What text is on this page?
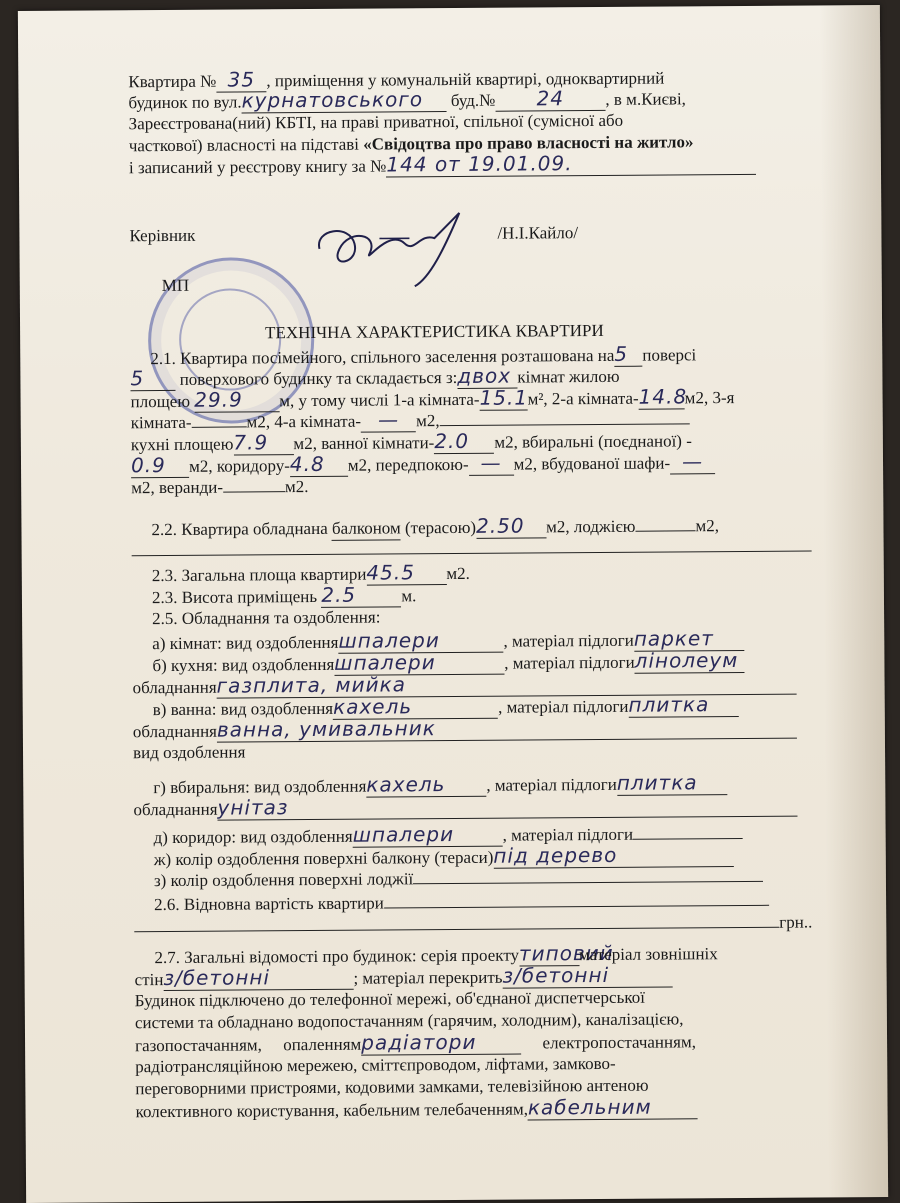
Квартира № 35 , приміщення у комунальній квартирі, одноквартирний
будинок по вул.курнатовського буд.№ 24 , в м.Києві,
Зареєстрована(ний) КБТІ, на праві приватної, спільної (сумісної або
часткової) власності на підставі «Свідоцтва про право власності на житло»
і записаний у реєстрову книгу за №144 от 19.01.09.
Керівник	/Н.І.Кайло/
МП
ТЕХНІЧНА ХАРАКТЕРИСТИКА КВАРТИРИ
2.1. Квартира посімейного, спільного заселення розташована на5 поверсі
5 поверхового будинку та складається з:двох кімнат жилою
площею 29.9 м, у тому числі 1-а кімната-15.1м², 2-а кімната-14.8м2, 3-я
кімната-	м2, 4-а кімната- — м2,
кухні площею7.9 м2, ванної кімнати-2.0 м2, вбиральні (поєднаної) -
0.9 м2, коридору-4.8 м2, передпокою- — м2, вбудованої шафи- —
м2, веранди-	м2.
2.2. Квартира обладнана балконом (терасою)2.50 м2, лоджією	м2,
2.3. Загальна площа квартири45.5 м2.
2.3. Висота приміщень 2.5	м.
2.5. Обладнання та оздоблення:
а) кімнат: вид оздобленняшпалери	, матеріал підлогипаркет
б) кухня: вид оздобленняшпалери	, матеріал підлогилінолеум
обладнаннягазплита, мийка
в) ванна: вид оздобленнякахель	, матеріал підлогиплитка
обладнанняванна, умивальник
вид оздоблення
г) вбиральня: вид оздобленнякахель , матеріал підлогиплитка
обладнанняунітаз
д) коридор: вид оздобленняшпалери	, матеріал підлоги
ж) колір оздоблення поверхні балкону (тераси)під дерево
з) колір оздоблення поверхні лоджії
2.6. Відновна вартість квартири
грн..
2.7. Загальні відомості про будинок: серія проектутиповийматеріал зовнішніх
стінз/бетонні	; матеріал перекритьз/бетонні
Будинок підключено до телефонної мережі, об'єднаної диспетчерської
системи та обладнано водопостачанням (гарячим, холодним), каналізацією,
газопостачанням, опаленнямрадіатори	електропостачанням,
радіотрансляційною мережею, сміттєпроводом, ліфтами, замково-
переговорними пристроями, кодовими замками, телевізійною антеною
колективного користування, кабельним телебаченням,кабельним
